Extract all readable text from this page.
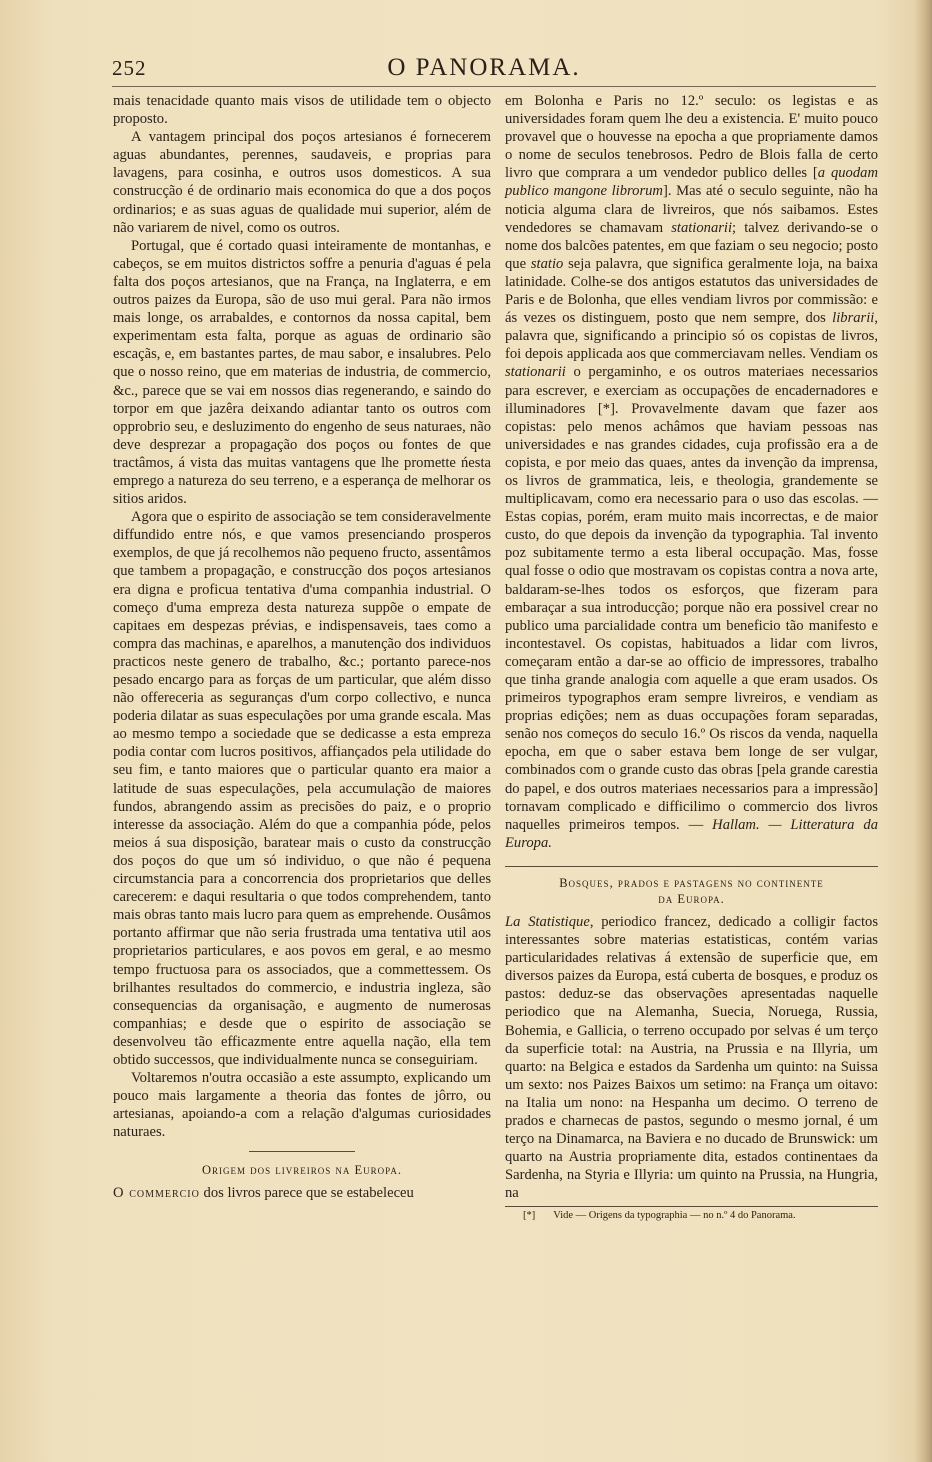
252	O PANORAMA.

mais tenacidade quanto mais visos de utilidade tem o objecto proposto.

A vantagem principal dos poços artesianos é fornecerem aguas abundantes, perennes, saudaveis, e proprias para lavagens, para cosinha, e outros usos domesticos. A sua construcção é de ordinario mais economica do que a dos poços ordinarios; e as suas aguas de qualidade mui superior, além de não variarem de nivel, como os outros.

Portugal, que é cortado quasi inteiramente de montanhas, e cabeços, se em muitos districtos soffre a penuria d'aguas é pela falta dos poços artesianos, que na França, na Inglaterra, e em outros paizes da Europa, são de uso mui geral. Para não irmos mais longe, os arrabaldes, e contornos da nossa capital, bem experimentam esta falta, porque as aguas de ordinario são escaçãs, e, em bastantes partes, de mau sabor, e insalubres. Pelo que o nosso reino, que em materias de industria, de commercio, &c., parece que se vai em nossos dias regenerando, e saindo do torpor em que jazêra deixando adiantar tanto os outros com opprobrio seu, e desluzimento do engenho de seus naturaes, não deve desprezar a propagação dos poços ou fontes de que tractâmos, á vista das muitas vantagens que lhe promette ńesta emprego a natureza do seu terreno, e a esperança de melhorar os sitios aridos.

Agora que o espirito de associação se tem consideravelmente diffundido entre nós, e que vamos presenciando prosperos exemplos, de que já recolhemos não pequeno fructo, assentâmos que tambem a propagação, e construcção dos poços artesianos era digna e proficua tentativa d'uma companhia industrial. O começo d'uma empreza desta natureza suppõe o empate de capitaes em despezas prévias, e indispensaveis, taes como a compra das machinas, e aparelhos, a manutenção dos individuos practicos neste genero de trabalho, &c.; portanto parece-nos pesado encargo para as forças de um particular, que além disso não offereceria as seguranças d'um corpo collectivo, e nunca poderia dilatar as suas especulações por uma grande escala. Mas ao mesmo tempo a sociedade que se dedicasse a esta empreza podia contar com lucros positivos, affiançados pela utilidade do seu fim, e tanto maiores que o particular quanto era maior a latitude de suas especulações, pela accumulação de maiores fundos, abrangendo assim as precisões do paiz, e o proprio interesse da associação. Além do que a companhia póde, pelos meios á sua disposição, baratear mais o custo da construcção dos poços do que um só individuo, o que não é pequena circumstancia para a concorrencia dos proprietarios que delles carecerem: e daqui resultaria o que todos comprehendem, tanto mais obras tanto mais lucro para quem as emprehende. Ousâmos portanto affirmar que não seria frustrada uma tentativa util aos proprietarios particulares, e aos povos em geral, e ao mesmo tempo fructuosa para os associados, que a commettessem. Os brilhantes resultados do commercio, e industria ingleza, são consequencias da organisação, e augmento de numerosas companhias; e desde que o espirito de associação se desenvolveu tão efficazmente entre aquella nação, ella tem obtido successos, que individualmente nunca se conseguiriam.

Voltaremos n'outra occasião a este assumpto, explicando um pouco mais largamente a theoria das fontes de jôrro, ou artesianas, apoiando-a com a relação d'algumas curiosidades naturaes.

Origem dos livreiros na Europa.

O commercio dos livros parece que se estabeleceu

em Bolonha e Paris no 12.º seculo: os legistas e as universidades foram quem lhe deu a existencia. E' muito pouco provavel que o houvesse na epocha a que propriamente damos o nome de seculos tenebrosos. Pedro de Blois falla de certo livro que comprara a um vendedor publico delles [a quodam publico mangone librorum]. Mas até o seculo seguinte, não ha noticia alguma clara de livreiros, que nós saibamos. Estes vendedores se chamavam stationarii; talvez derivando-se o nome dos balcões patentes, em que faziam o seu negocio; posto que statio seja palavra, que significa geralmente loja, na baixa latinidade. Colhe-se dos antigos estatutos das universidades de Paris e de Bolonha, que elles vendiam livros por commissão: e ás vezes os distinguem, posto que nem sempre, dos librarii, palavra que, significando a principio só os copistas de livros, foi depois applicada aos que commerciavam nelles. Vendiam os stationarii o pergaminho, e os outros materiaes necessarios para escrever, e exerciam as occupações de encadernadores e illuminadores [*]. Provavelmente davam que fazer aos copistas: pelo menos achâmos que haviam pessoas nas universidades e nas grandes cidades, cuja profissão era a de copista, e por meio das quaes, antes da invenção da imprensa, os livros de grammatica, leis, e theologia, grandemente se multiplicavam, como era necessario para o uso das escolas. — Estas copias, porém, eram muito mais incorrectas, e de maior custo, do que depois da invenção da typographia. Tal invento poz subitamente termo a esta liberal occupação. Mas, fosse qual fosse o odio que mostravam os copistas contra a nova arte, baldaram-se-lhes todos os esforços, que fizeram para embaraçar a sua introducção; porque não era possivel crear no publico uma parcialidade contra um beneficio tão manifesto e incontestavel. Os copistas, habituados a lidar com livros, começaram então a dar-se ao officio de impressores, trabalho que tinha grande analogia com aquelle a que eram usados. Os primeiros typographos eram sempre livreiros, e vendiam as proprias edições; nem as duas occupações foram separadas, senão nos começos do seculo 16.º Os riscos da venda, naquella epocha, em que o saber estava bem longe de ser vulgar, combinados com o grande custo das obras [pela grande carestia do papel, e dos outros materiaes necessarios para a impressão] tornavam complicado e difficilimo o commercio dos livros naquelles primeiros tempos. — Hallam. — Litteratura da Europa.

Bosques, prados e pastagens no continente
da Europa.

La Statistique, periodico francez, dedicado a colligir factos interessantes sobre materias estatisticas, contém varias particularidades relativas á extensão de superficie que, em diversos paizes da Europa, está cuberta de bosques, e produz os pastos: deduz-se das observações apresentadas naquelle periodico que na Alemanha, Suecia, Noruega, Russia, Bohemia, e Gallicia, o terreno occupado por selvas é um terço da superficie total: na Austria, na Prussia e na Illyria, um quarto: na Belgica e estados da Sardenha um quinto: na Suissa um sexto: nos Paizes Baixos um setimo: na França um oitavo: na Italia um nono: na Hespanha um decimo. O terreno de prados e charnecas de pastos, segundo o mesmo jornal, é um terço na Dinamarca, na Baviera e no ducado de Brunswick: um quarto na Austria propriamente dita, estados continentaes da Sardenha, na Styria e Illyria: um quinto na Prussia, na Hungria, na

[*] Vide — Origens da typographia — no n.º 4 do Panorama.
